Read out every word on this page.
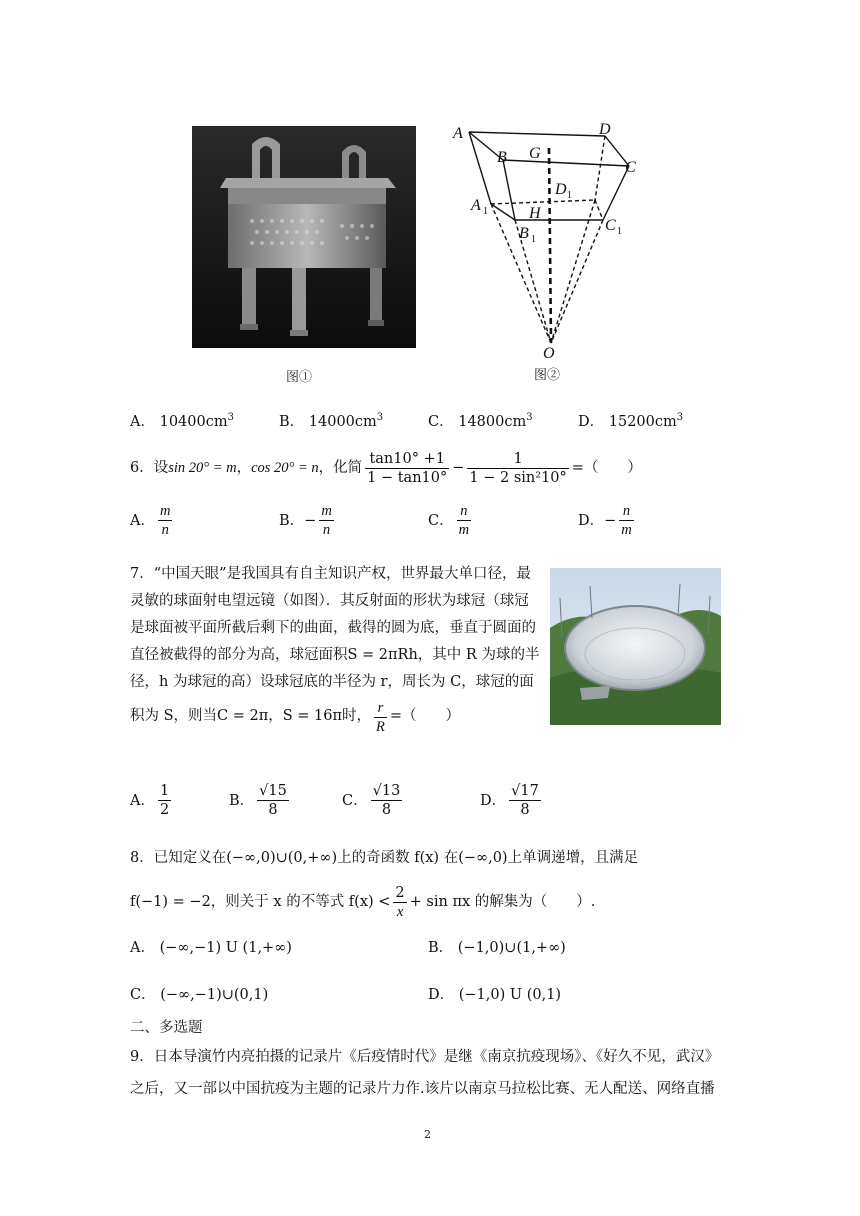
图①
A	D
B G
C
D 1
A 1	H
B 1
C 1
O
图②
A． $10400cm^3$	B． $14000cm^3$	C． $14800cm^3$	D． $15200cm^3$
6．设 sin 20° = m ， cos 20° = n ，化简 $\frac{\tan 10^\circ +1}{1 - \tan 10^\circ} - \frac{1}{\text{1 − 2 sin²10°}}$ =（　　）
A． $\frac{m}{n}$	B． − $\frac{m}{n}$	C． $\frac{n}{m}$	D． − $\frac{n}{m}$
7．“中国天眼”是我国具有自主知识产权，世界最大单口径，最
灵敏的球面射电望远镜（如图）．其反射面的形状为球冠（球冠
是球面被平面所截后剩下的曲面，截得的圆为底，垂直于圆面的
直径被截得的部分为高，球冠面积S = 2πRh，其中 R 为球的半
径，h 为球冠的高）设球冠底的半径为 r，周长为 C，球冠的面
积为 S，则当C = 2π，S = 16π时， $\frac{r}{R}$ =（　　）
A． $\frac{1}{2}$	B． $\frac{√15}{8}$	C． $\frac{√13}{8}$	D． $\frac{√17}{8}$
8．已知定义在(−∞,0)∪(0,+∞)上的奇函数 f(x) 在(−∞,0)上单调递增，且满足
f(−1) = −2，则关于 x 的不等式 $f(x) < \frac{2}{x} + \sin \pi x$ 的解集为（　　）.
A． (−∞,−1) U (1,+∞)	B． (−1,0)∪(1,+∞)
C． (−∞,−1)∪(0,1)	D． (−1,0) U (0,1)
二、多选题
9．日本导演竹内亮拍摄的记录片《后疫情时代》是继《南京抗疫现场》、《好久不见，武汉》
之后，又一部以中国抗疫为主题的记录片力作.该片以南京马拉松比赛、无人配送、网络直播
2
